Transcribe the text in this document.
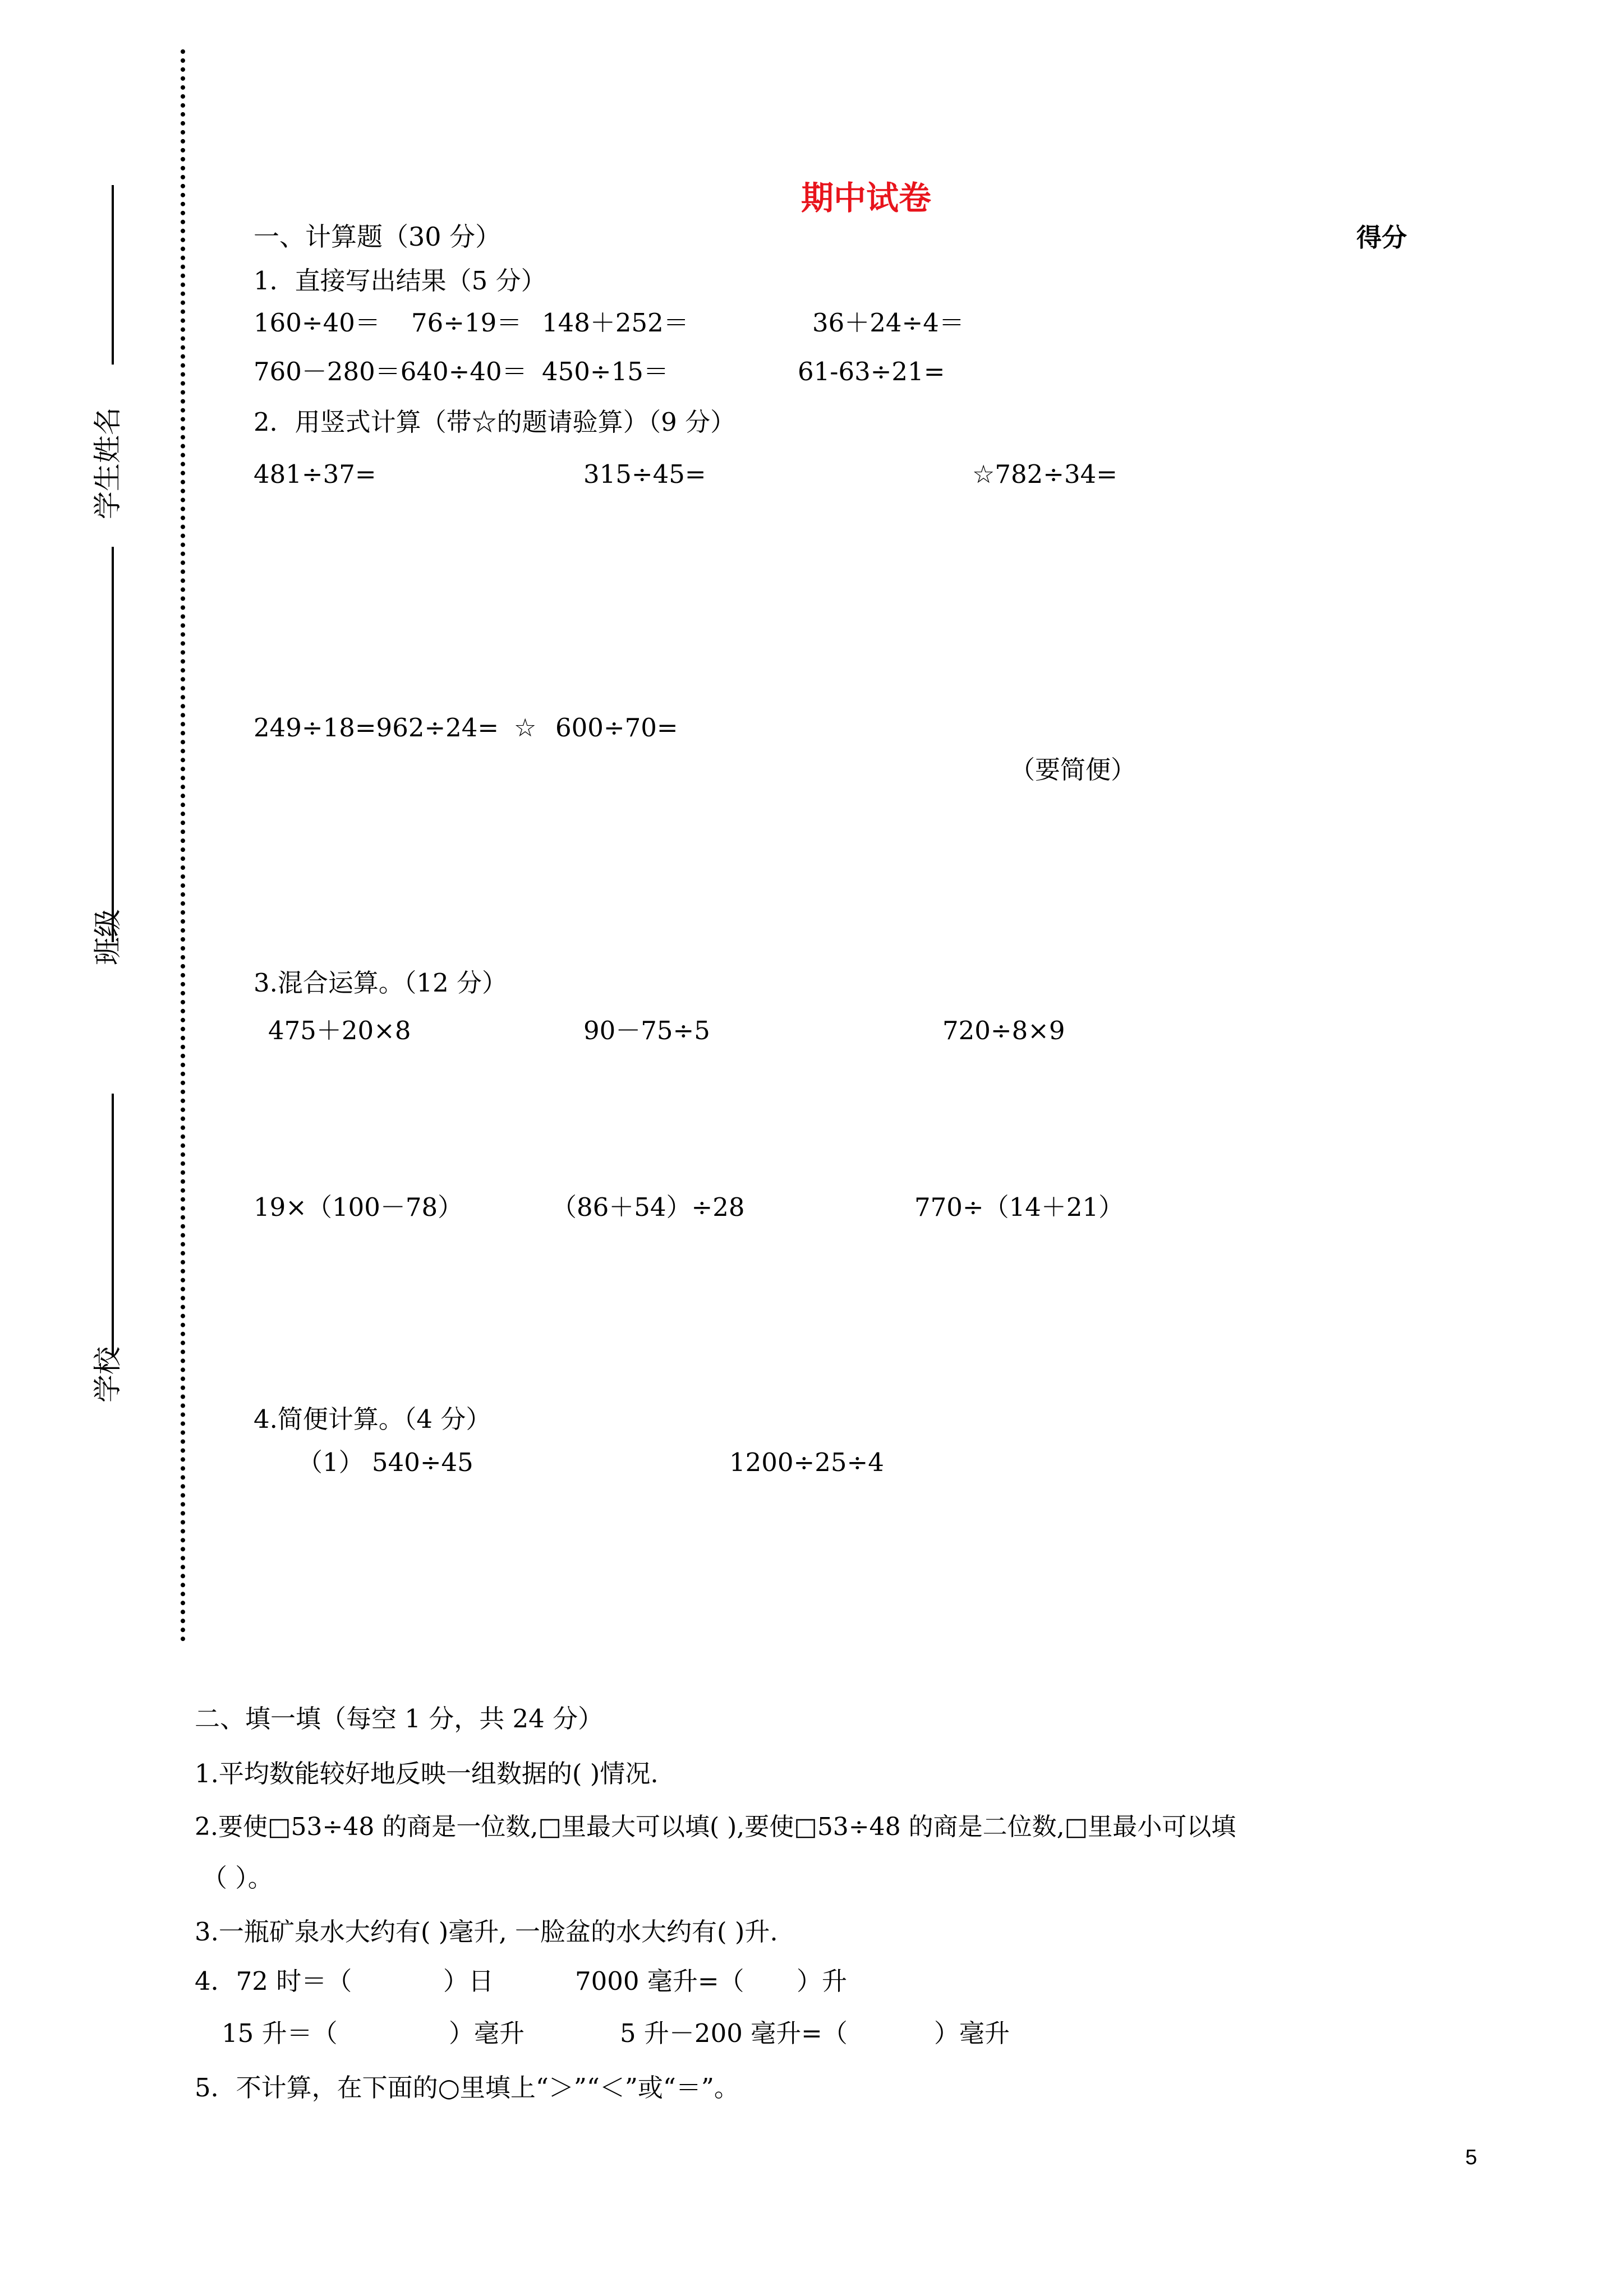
学生姓名
班级
学校
期中试卷
得分
一、计算题（30 分）
1．直接写出结果（5 分）
160÷40＝ 76÷19＝ 148＋252＝	36＋24÷4＝
760－280＝640÷40＝ 450÷15＝	61-63÷21=
2．用竖式计算（带☆的题请验算）（9 分）
481÷37=	315÷45=	☆782÷34=
249÷18=962÷24= ☆ 600÷70=
（要简便）
3.混合运算。（12 分）
475＋20×8	90－75÷5	720÷8×9
19×（100－78）	（86＋54）÷28	770÷（14＋21）
4.简便计算。（4 分）
（1） 540÷45	1200÷25÷4
二、填一填（每空 1 分，共 24 分）
1.平均数能较好地反映一组数据的( )情况.
2.要使□53÷48 的商是一位数,□里最大可以填( ),要使□53÷48 的商是二位数,□里最小可以填
（ ）。
3.一瓶矿泉水大约有( )毫升, 一脸盆的水大约有( )升.
4．72 时＝（	）日	7000 毫升=（ ）升
15 升＝（	）毫升	5 升－200 毫升=（	）毫升
5．不计算，在下面的○里填上“＞”“＜”或“＝”。
5
